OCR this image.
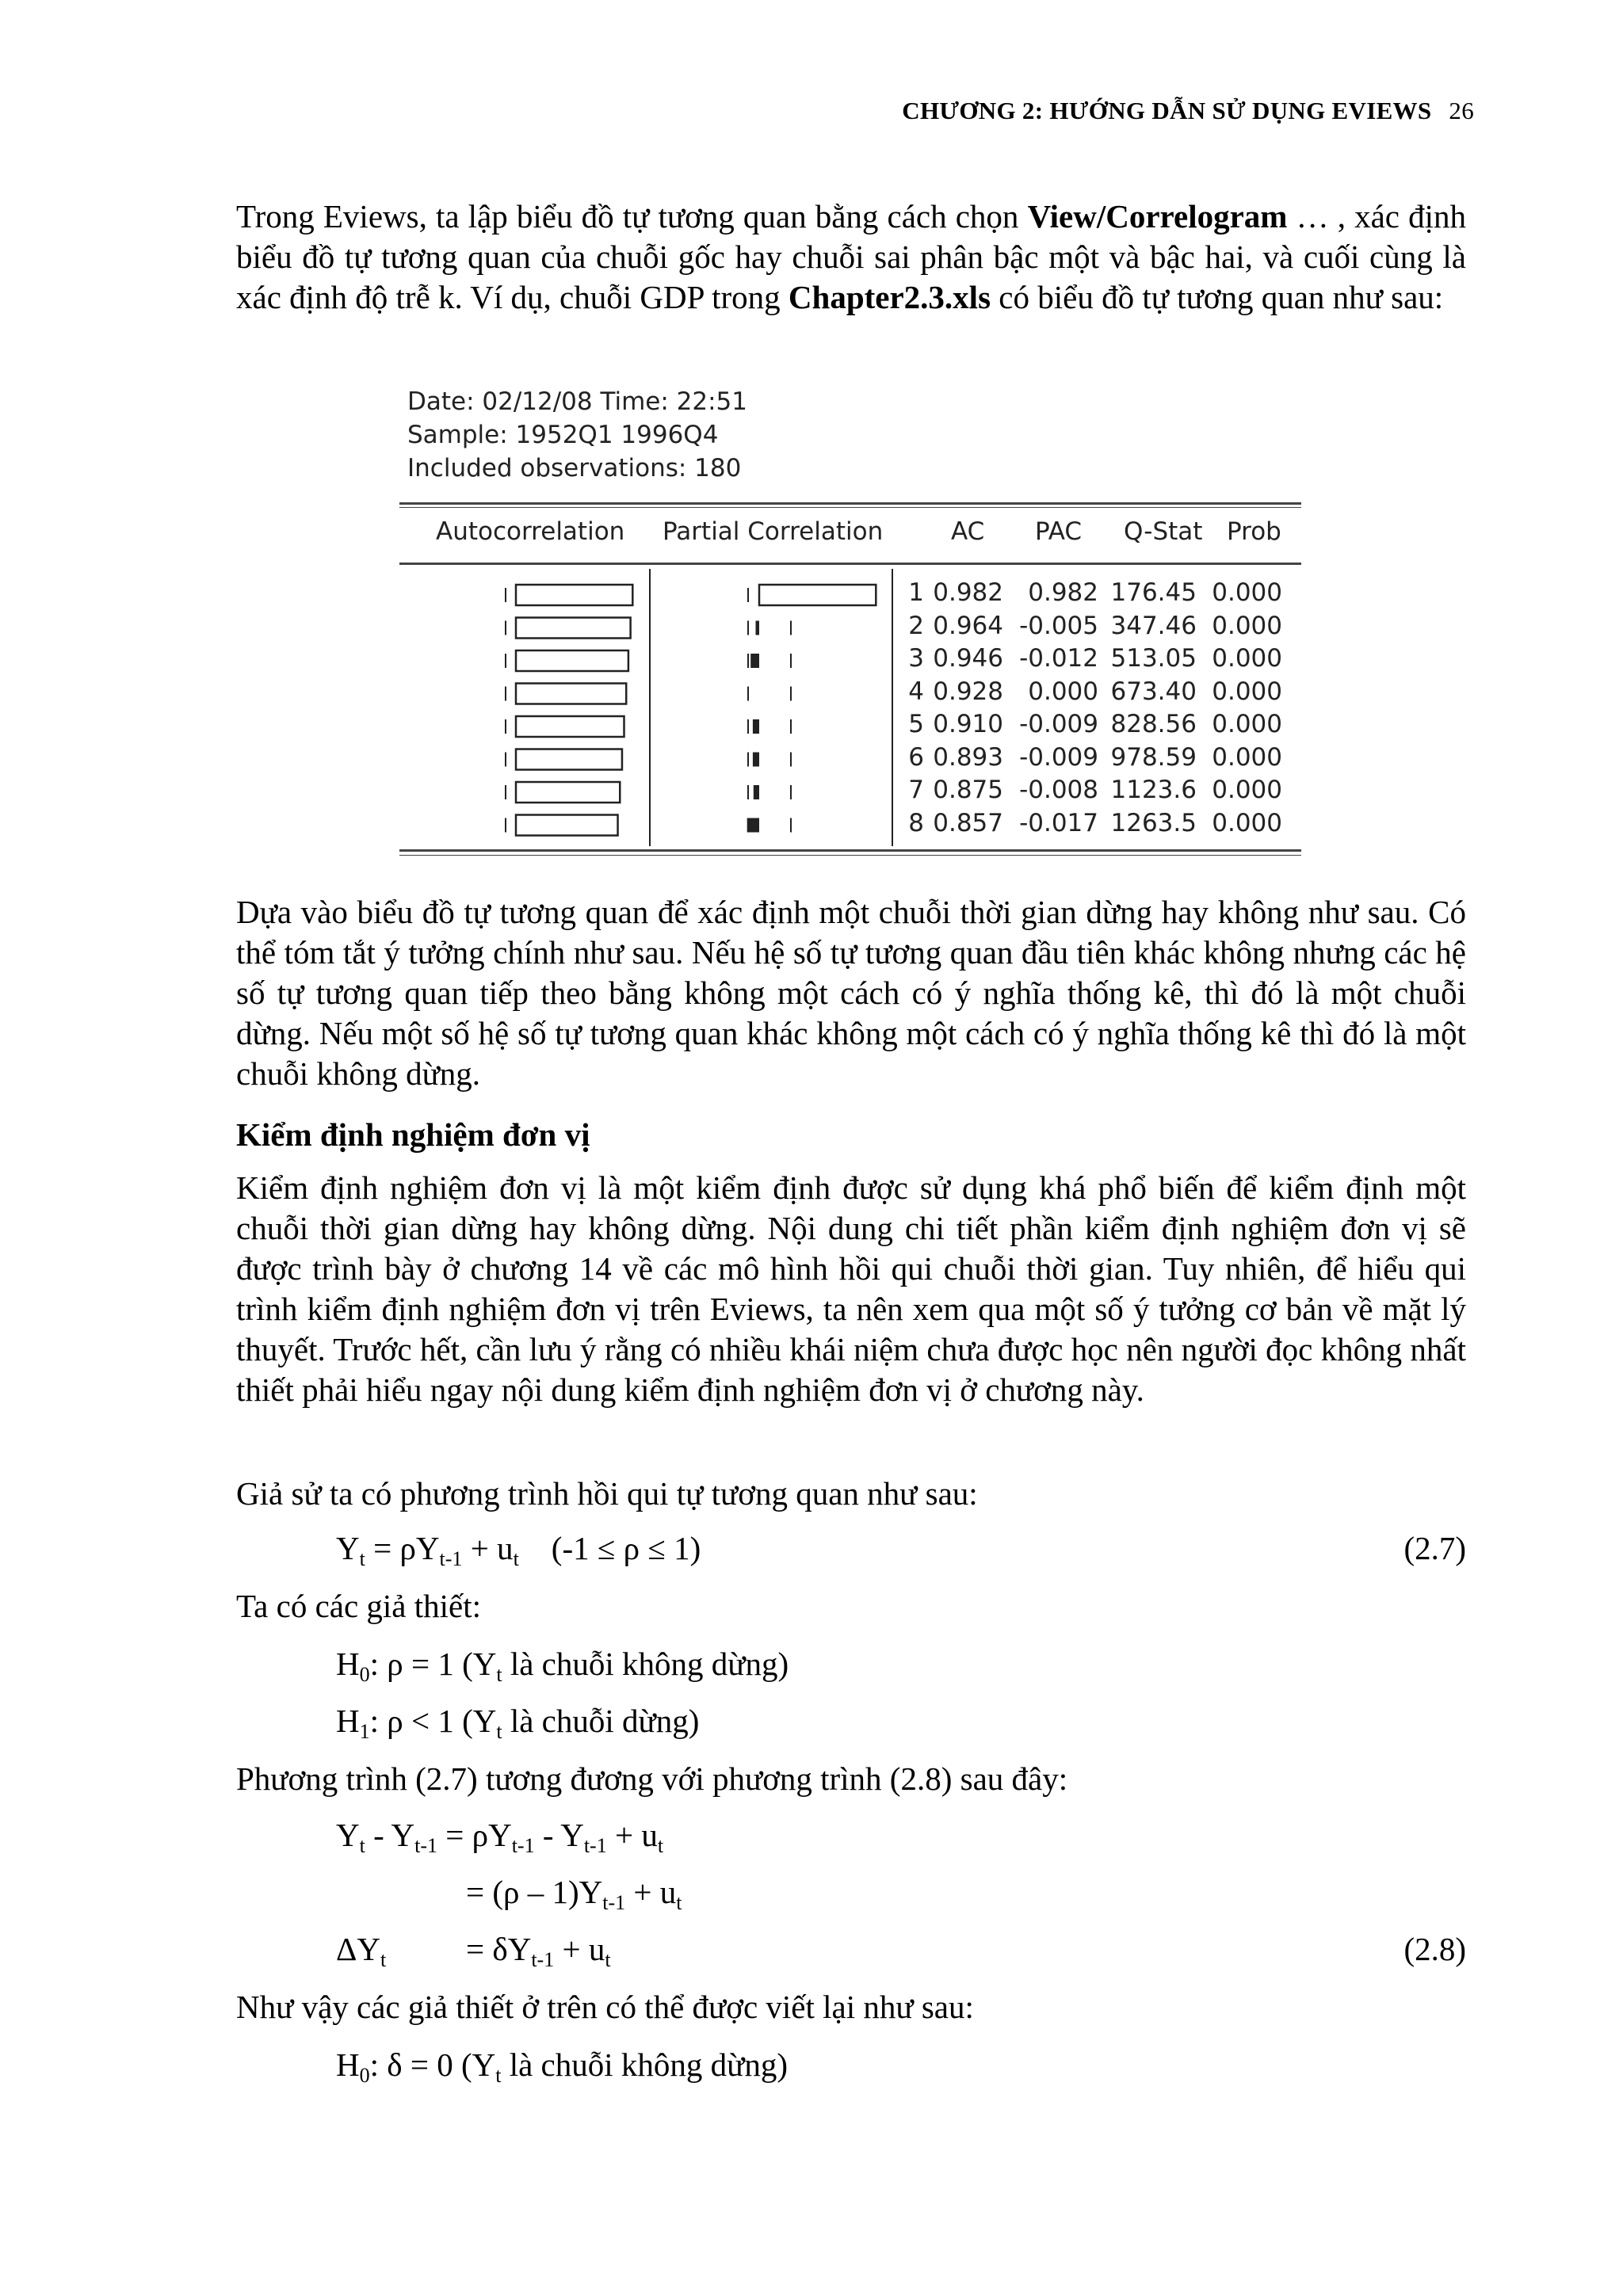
CHƯƠNG 2: HƯỚNG DẪN SỬ DỤNG EVIEWS 26
Trong Eviews, ta lập biểu đồ tự tương quan bằng cách chọn View/Correlogram … , xác định biểu đồ tự tương quan của chuỗi gốc hay chuỗi sai phân bậc một và bậc hai, và cuối cùng là xác định độ trễ k. Ví dụ, chuỗi GDP trong Chapter2.3.xls có biểu đồ tự tương quan như sau:
Date: 02/12/08 Time: 22:51
Sample: 1952Q1 1996Q4
Included observations: 180
Autocorrelation Partial Correlation	AC PAC Q-Stat Prob
1 0.982	0.982 176.45 0.000
2 0.964 -0.005 347.46 0.000
3 0.946 -0.012 513.05 0.000
4 0.928	0.000 673.40 0.000
5 0.910 -0.009 828.56 0.000
6 0.893 -0.009 978.59 0.000
7 0.875 -0.008 1123.6 0.000
8 0.857 -0.017 1263.5 0.000
Dựa vào biểu đồ tự tương quan để xác định một chuỗi thời gian dừng hay không như sau. Có thể tóm tắt ý tưởng chính như sau. Nếu hệ số tự tương quan đầu tiên khác không nhưng các hệ số tự tương quan tiếp theo bằng không một cách có ý nghĩa thống kê, thì đó là một chuỗi dừng. Nếu một số hệ số tự tương quan khác không một cách có ý nghĩa thống kê thì đó là một chuỗi không dừng.
Kiểm định nghiệm đơn vị
Kiểm định nghiệm đơn vị là một kiểm định được sử dụng khá phổ biến để kiểm định một chuỗi thời gian dừng hay không dừng. Nội dung chi tiết phần kiểm định nghiệm đơn vị sẽ được trình bày ở chương 14 về các mô hình hồi qui chuỗi thời gian. Tuy nhiên, để hiểu qui trình kiểm định nghiệm đơn vị trên Eviews, ta nên xem qua một số ý tưởng cơ bản về mặt lý thuyết. Trước hết, cần lưu ý rằng có nhiều khái niệm chưa được học nên người đọc không nhất thiết phải hiểu ngay nội dung kiểm định nghiệm đơn vị ở chương này.
Giả sử ta có phương trình hồi qui tự tương quan như sau:
$Y_t = \rho Y_{t-1} + u_t$ (-1 ≤ ρ ≤ 1)	(2.7)
Ta có các giả thiết:
$H_0$: ρ = 1 ($Y_t$ là chuỗi không dừng)
$H_1$: ρ < 1 ($Y_t$ là chuỗi dừng)
Phương trình (2.7) tương đương với phương trình (2.8) sau đây:
$Y_t - Y_{t-1} = \rho Y_{t-1} - Y_{t-1} + u_t$
= $(\rho - 1)Y_{t-1} + u_t$
$\Delta Y_t = \delta Y_{t-1} + u_t$	(2.8)
Như vậy các giả thiết ở trên có thể được viết lại như sau:
$H_0$: δ = 0 ($Y_t$ là chuỗi không dừng)
